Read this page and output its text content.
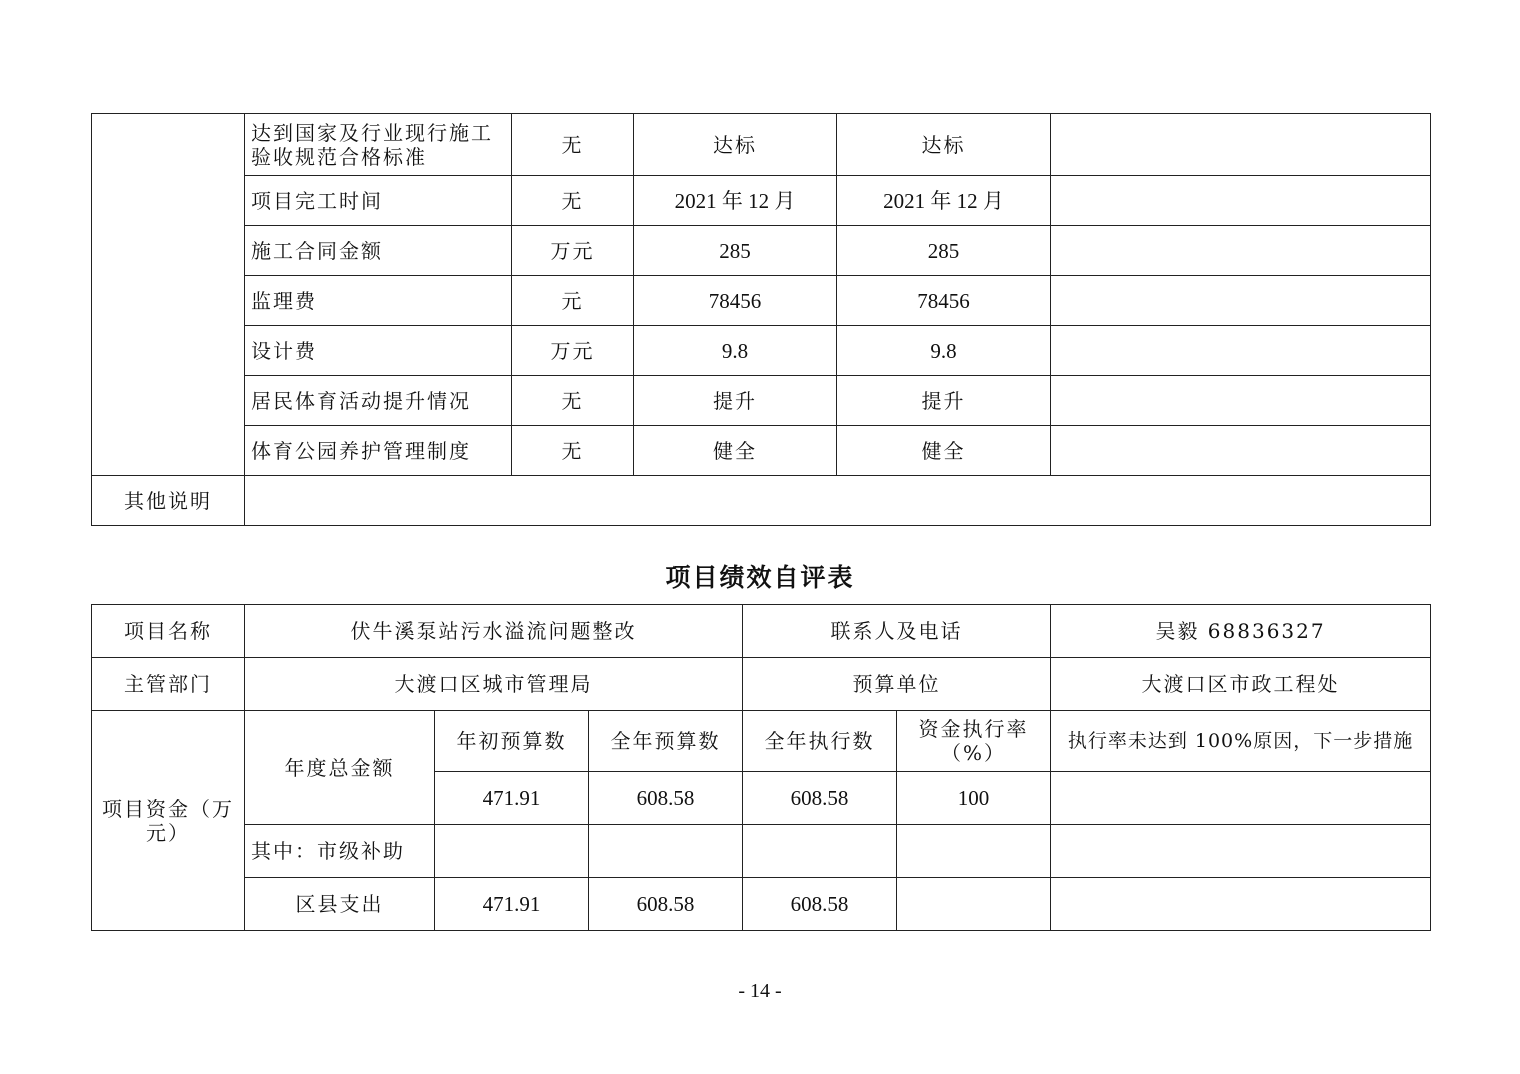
	达到国家及行业现行施工验收规范合格标准	无	达标	达标	
	项目完工时间	无	2021 年 12 月	2021 年 12 月	
	施工合同金额	万元	285	285	
	监理费	元	78456	78456	
	设计费	万元	9.8	9.8	
	居民体育活动提升情况	无	提升	提升	
	体育公园养护管理制度	无	健全	健全	
其他说明					
项目绩效自评表
项目名称	伏牛溪泵站污水溢流问题整改			联系人及电话		吴毅 68836327
主管部门	大渡口区城市管理局			预算单位		大渡口区市政工程处
项目资金（万元）	年度总金额	年初预算数	全年预算数	全年执行数	资金执行率（%）	执行率未达到 100%原因，下一步措施
		471.91	608.58	608.58	100	
	其中：市级补助					
	区县支出	471.91	608.58	608.58		
- 14 -
